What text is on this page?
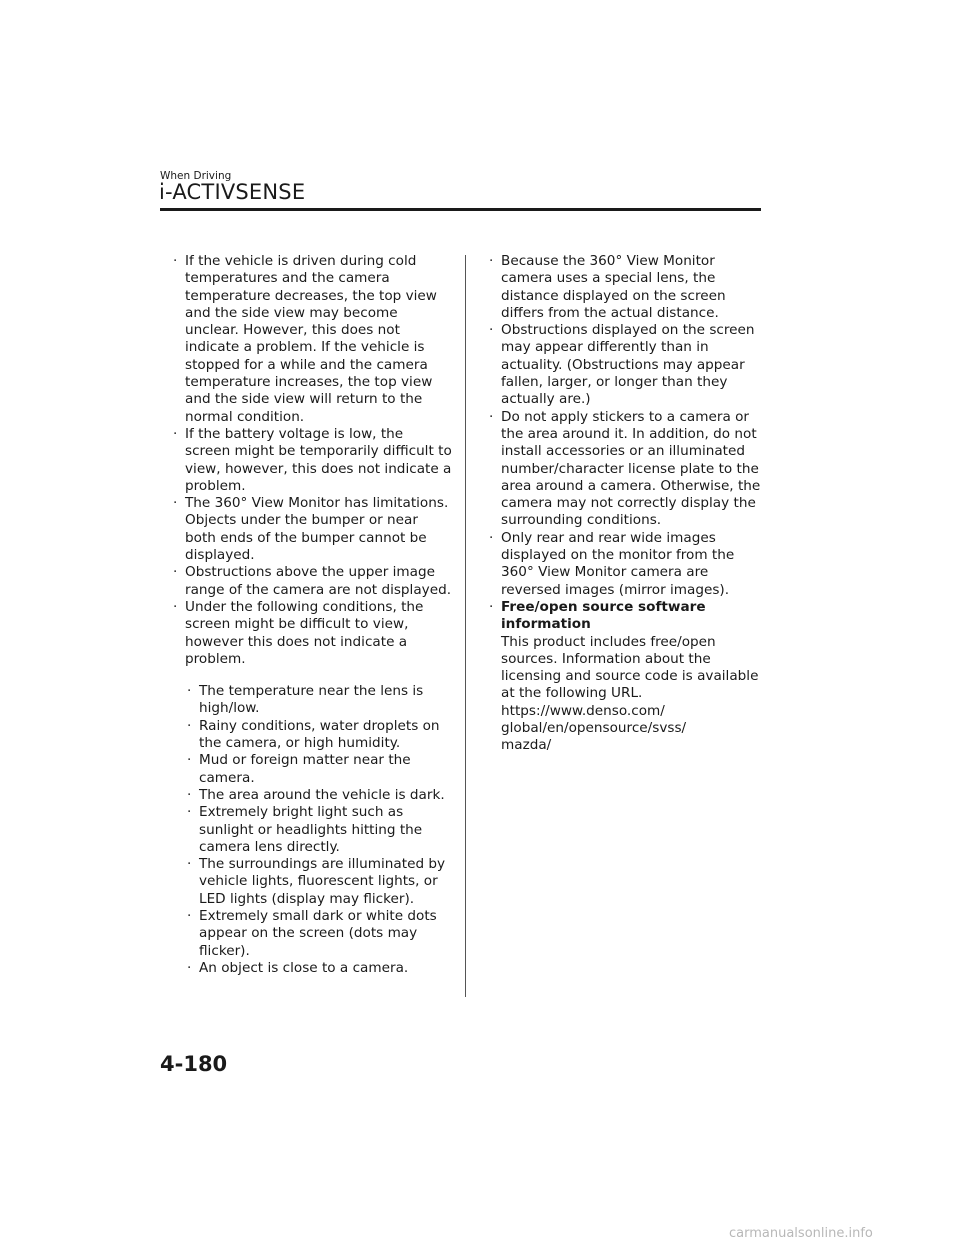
When Driving
i-ACTIVSENSE
· If the vehicle is driven during cold temperatures and the camera temperature decreases, the top view and the side view may become unclear. However, this does not indicate a problem. If the vehicle is stopped for a while and the camera temperature increases, the top view and the side view will return to the normal condition.
· If the battery voltage is low, the screen might be temporarily difficult to view, however, this does not indicate a problem.
· The 360° View Monitor has limitations. Objects under the bumper or near both ends of the bumper cannot be displayed.
· Obstructions above the upper image range of the camera are not displayed.
· Under the following conditions, the screen might be difficult to view, however this does not indicate a problem.
· The temperature near the lens is high/low.
· Rainy conditions, water droplets on the camera, or high humidity.
· Mud or foreign matter near the camera.
· The area around the vehicle is dark.
· Extremely bright light such as sunlight or headlights hitting the camera lens directly.
· The surroundings are illuminated by vehicle lights, fluorescent lights, or LED lights (display may flicker).
· Extremely small dark or white dots appear on the screen (dots may flicker).
· An object is close to a camera.
· Because the 360° View Monitor camera uses a special lens, the distance displayed on the screen differs from the actual distance.
· Obstructions displayed on the screen may appear differently than in actuality. (Obstructions may appear fallen, larger, or longer than they actually are.)
· Do not apply stickers to a camera or the area around it. In addition, do not install accessories or an illuminated number/character license plate to the area around a camera. Otherwise, the camera may not correctly display the surrounding conditions.
· Only rear and rear wide images displayed on the monitor from the 360° View Monitor camera are reversed images (mirror images).
· Free/open source software information
This product includes free/open sources. Information about the licensing and source code is available at the following URL.
https://www.denso.com/
global/en/opensource/svss/
mazda/
4-180
carmanualsonline.info
